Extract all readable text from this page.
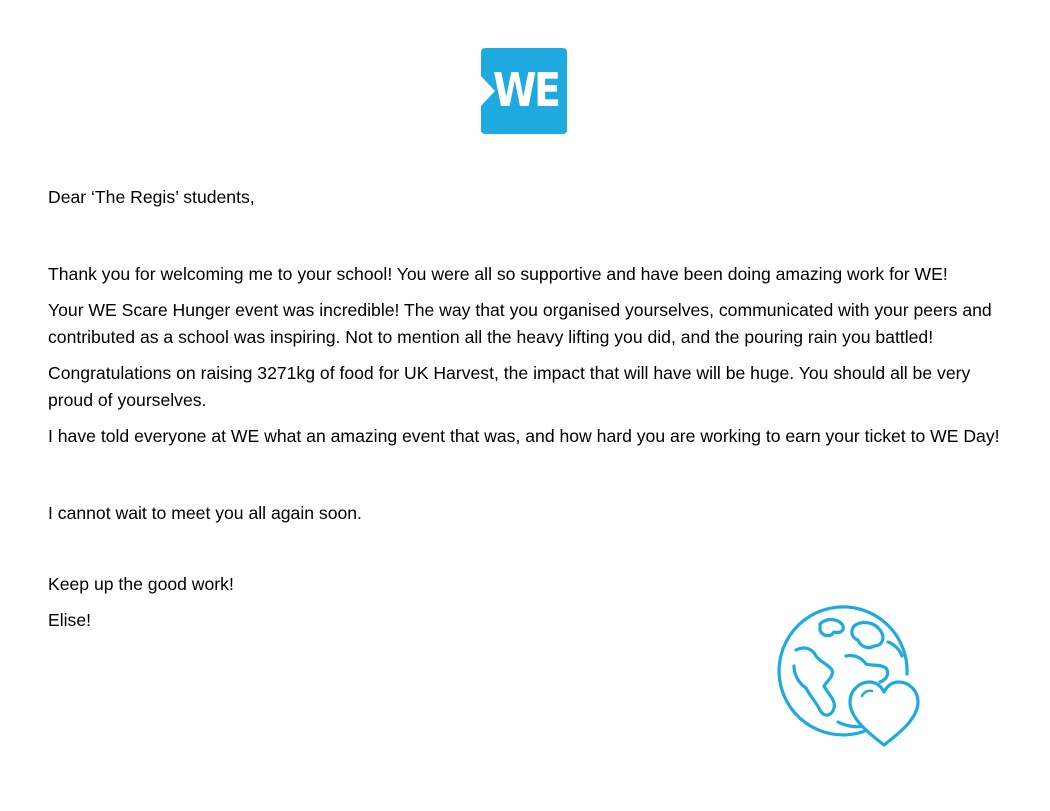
WE

Dear ‘The Regis’ students,

Thank you for welcoming me to your school! You were all so supportive and have been doing amazing work for WE!

Your WE Scare Hunger event was incredible! The way that you organised yourselves, communicated with your peers and contributed as a school was inspiring. Not to mention all the heavy lifting you did, and the pouring rain you battled!

Congratulations on raising 3271kg of food for UK Harvest, the impact that will have will be huge. You should all be very proud of yourselves.

I have told everyone at WE what an amazing event that was, and how hard you are working to earn your ticket to WE Day!

I cannot wait to meet you all again soon.

Keep up the good work!

Elise!
